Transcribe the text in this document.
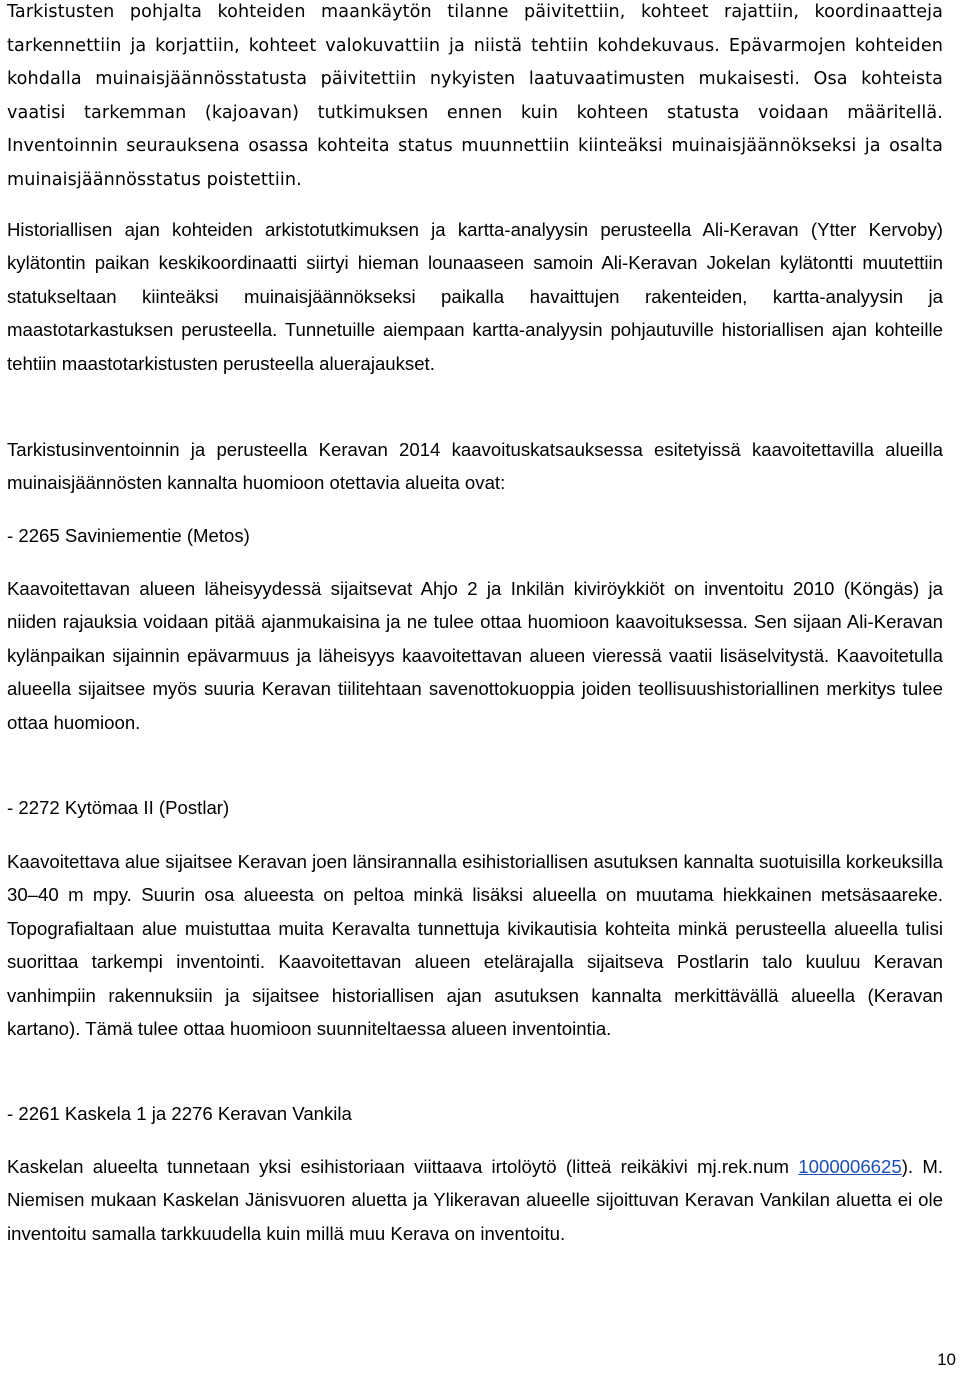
Tarkistusten pohjalta kohteiden maankäytön tilanne päivitettiin, kohteet rajattiin, koordinaatteja tarkennettiin ja korjattiin, kohteet valokuvattiin ja niistä tehtiin kohdekuvaus. Epävarmojen kohteiden kohdalla muinaisjäännösstatusta päivitettiin nykyisten laatuvaatimusten mukaisesti. Osa kohteista vaatisi tarkemman (kajoavan) tutkimuksen ennen kuin kohteen statusta voidaan määritellä. Inventoinnin seurauksena osassa kohteita status muunnettiin kiinteäksi muinaisjäännökseksi ja osalta muinaisjäännösstatus poistettiin.

Historiallisen ajan kohteiden arkistotutkimuksen ja kartta-analyysin perusteella Ali-Keravan (Ytter Kervoby) kylätontin paikan keskikoordinaatti siirtyi hieman lounaaseen samoin Ali-Keravan Jokelan kylätontti muutettiin statukseltaan kiinteäksi muinaisjäännökseksi paikalla havaittujen rakenteiden, kartta-analyysin ja maastotarkastuksen perusteella. Tunnetuille aiempaan kartta-analyysin pohjautuville historiallisen ajan kohteille tehtiin maastotarkistusten perusteella aluerajaukset.

Tarkistusinventoinnin ja perusteella Keravan 2014 kaavoituskatsauksessa esitetyissä kaavoitettavilla alueilla muinaisjäännösten kannalta huomioon otettavia alueita ovat:

- 2265 Saviniementie (Metos)

Kaavoitettavan alueen läheisyydessä sijaitsevat Ahjo 2 ja Inkilän kiviröykkiöt on inventoitu 2010 (Köngäs) ja niiden rajauksia voidaan pitää ajanmukaisina ja ne tulee ottaa huomioon kaavoituksessa. Sen sijaan Ali-Keravan kylänpaikan sijainnin epävarmuus ja läheisyys kaavoitettavan alueen vieressä vaatii lisäselvitystä. Kaavoitetulla alueella sijaitsee myös suuria Keravan tiilitehtaan savenottokuoppia joiden teollisuushistoriallinen merkitys tulee ottaa huomioon.

- 2272 Kytömaa II (Postlar)

Kaavoitettava alue sijaitsee Keravan joen länsirannalla esihistoriallisen asutuksen kannalta suotuisilla korkeuksilla 30–40 m mpy. Suurin osa alueesta on peltoa minkä lisäksi alueella on muutama hiekkainen metsäsaareke. Topografialtaan alue muistuttaa muita Keravalta tunnettuja kivikautisia kohteita minkä perusteella alueella tulisi suorittaa tarkempi inventointi. Kaavoitettavan alueen etelärajalla sijaitseva Postlarin talo kuuluu Keravan vanhimpiin rakennuksiin ja sijaitsee historiallisen ajan asutuksen kannalta merkittävällä alueella (Keravan kartano). Tämä tulee ottaa huomioon suunniteltaessa alueen inventointia.

- 2261 Kaskela 1 ja 2276 Keravan Vankila

Kaskelan alueelta tunnetaan yksi esihistoriaan viittaava irtolöytö (litteä reikäkivi mj.rek.num 1000006625). M. Niemisen mukaan Kaskelan Jänisvuoren aluetta ja Ylikeravan alueelle sijoittuvan Keravan Vankilan aluetta ei ole inventoitu samalla tarkkuudella kuin millä muu Kerava on inventoitu.

10
